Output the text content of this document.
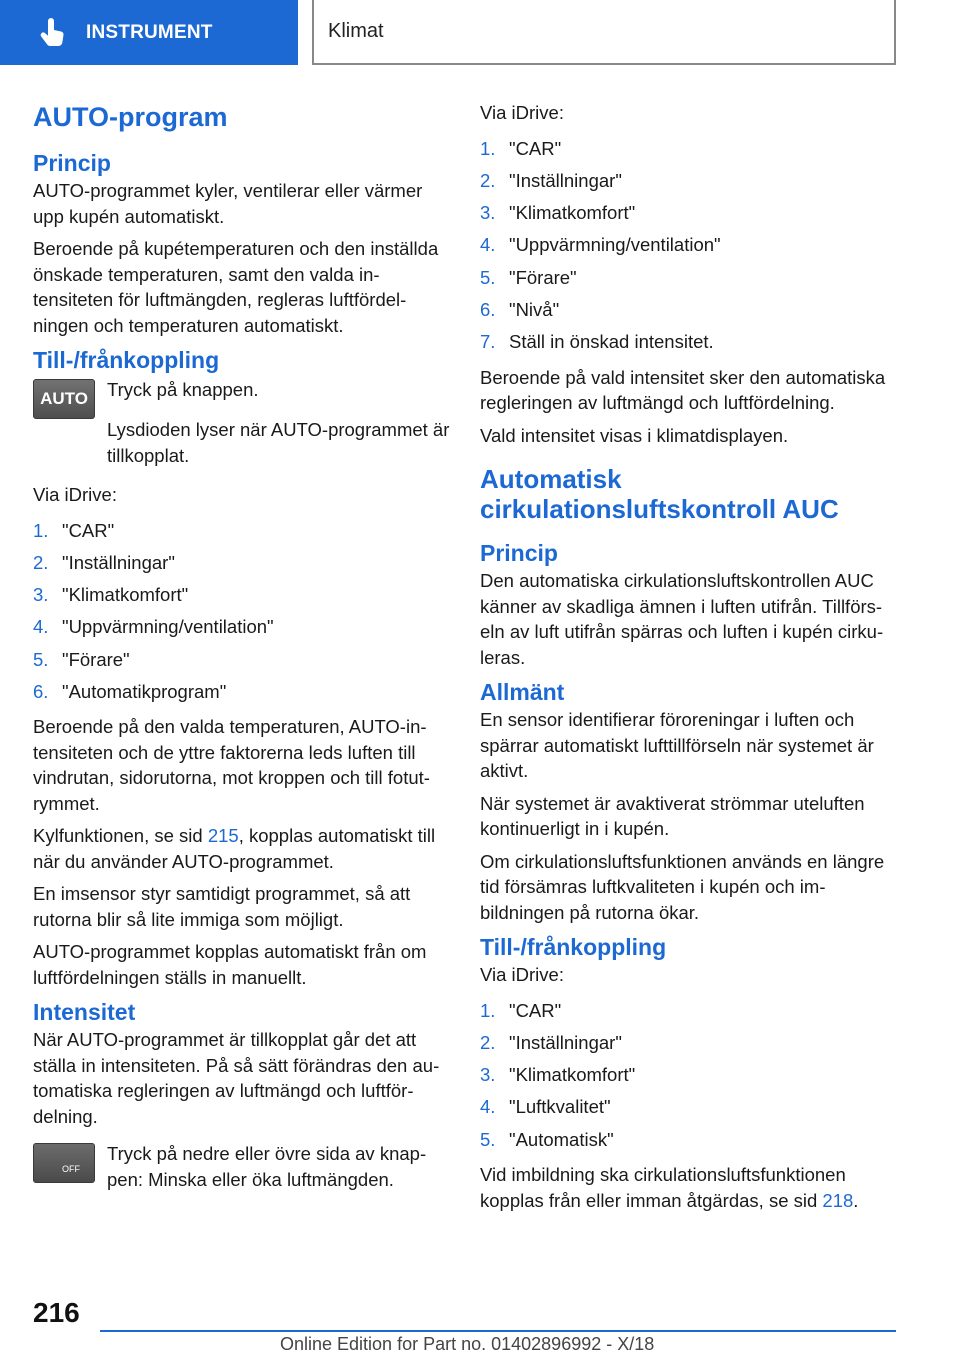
INSTRUMENT	Klimat
AUTO-program
Princip

AUTO-programmet kyler, ventilerar eller värmer upp kupén automatiskt.

Beroende på kupétemperaturen och den inställda önskade temperaturen, samt den valda intensiteten för luftmängden, regleras luftfördelningen och temperaturen automatiskt.

Till-/frånkoppling
AUTO	Tryck på knappen.

Lysdioden lyser när AUTO-programmet är tillkopplat.

Via iDrive:

1. "CAR"
2. "Inställningar"
3. "Klimatkomfort"
4. "Uppvärmning/ventilation"
5. "Förare"
6. "Automatikprogram"

Beroende på den valda temperaturen, AUTO-intensiteten och de yttre faktorerna leds luften till vindrutan, sidorutorna, mot kroppen och till fotutrymmet.

Kylfunktionen, se sid 215, kopplas automatiskt till när du använder AUTO-programmet.

En imsensor styr samtidigt programmet, så att rutorna blir så lite immiga som möjligt.

AUTO-programmet kopplas automatiskt från om luftfördelningen ställs in manuellt.

Intensitet

När AUTO-programmet är tillkopplat går det att ställa in intensiteten. På så sätt förändras den automatiska regleringen av luftmängd och luftfördelning.

OFF

Tryck på nedre eller övre sida av knappen: Minska eller öka luftmängden.

Via iDrive:

1. "CAR"
2. "Inställningar"
3. "Klimatkomfort"
4. "Uppvärmning/ventilation"
5. "Förare"
6. "Nivå"
7. Ställ in önskad intensitet.

Beroende på vald intensitet sker den automatiska regleringen av luftmängd och luftfördelning.

Vald intensitet visas i klimatdisplayen.

Automatisk
cirkulationsluftskontroll AUC
Princip

Den automatiska cirkulationsluftskontrollen AUC känner av skadliga ämnen i luften utifrån. Tillförseln av luft utifrån spärras och luften i kupén cirkuleras.

Allmänt

En sensor identifierar föroreningar i luften och spärrar automatiskt lufttillförseln när systemet är aktivt.

När systemet är avaktiverat strömmar uteluften kontinuerligt in i kupén.

Om cirkulationsluftsfunktionen används en längre tid försämras luftkvaliteten i kupén och imbildningen på rutorna ökar.

Till-/frånkoppling

Via iDrive:

1. "CAR"
2. "Inställningar"
3. "Klimatkomfort"
4. "Luftkvalitet"
5. "Automatisk"

Vid imbildning ska cirkulationsluftsfunktionen kopplas från eller imman åtgärdas, se sid 218.

216
Online Edition for Part no. 01402896992 - X/18
